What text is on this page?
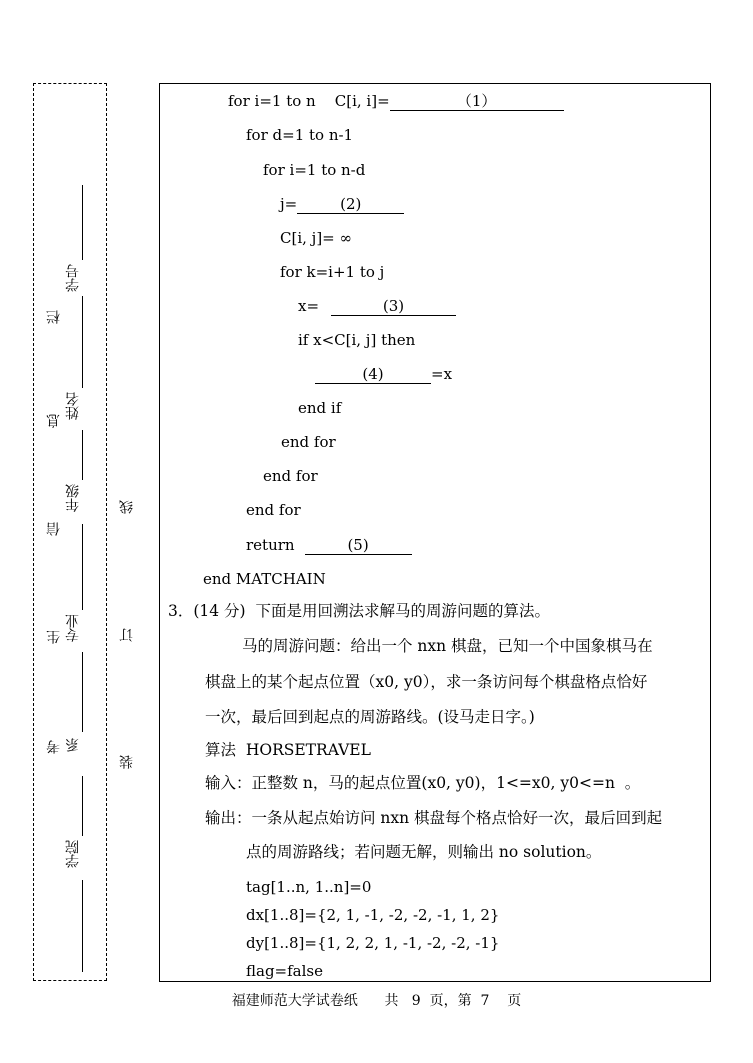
学号
姓名
年级
专业
系
学院
考
生
信
息
栏
装
订
线
for i=1 to n    C[i, i]=	（1）
for d=1 to n-1
for i=1 to n-d
j=	(2)
C[i, j]= ∞
for k=i+1 to j
x=	(3)
if x<C[i, j] then
(4)	=x
end if
end for
end for
end for
return	(5)
end MATCHAIN
3．(14 分)  下面是用回溯法求解马的周游问题的算法。
马的周游问题：给出一个 nxn 棋盘，已知一个中国象棋马在
棋盘上的某个起点位置（x0, y0），求一条访问每个棋盘格点恰好
一次，最后回到起点的周游路线。(设马走日字。)
算法  HORSETRAVEL
输入：正整数 n，马的起点位置(x0, y0)，1<=x0, y0<=n  。
输出：一条从起点始访问 nxn 棋盘每个格点恰好一次，最后回到起
点的周游路线；若问题无解，则输出 no solution。
tag[1..n, 1..n]=0
dx[1..8]={2, 1, -1, -2, -2, -1, 1, 2}
dy[1..8]={1, 2, 2, 1, -1, -2, -2, -1}
flag=false
福建师范大学试卷纸 共   9  页，第  7    页
